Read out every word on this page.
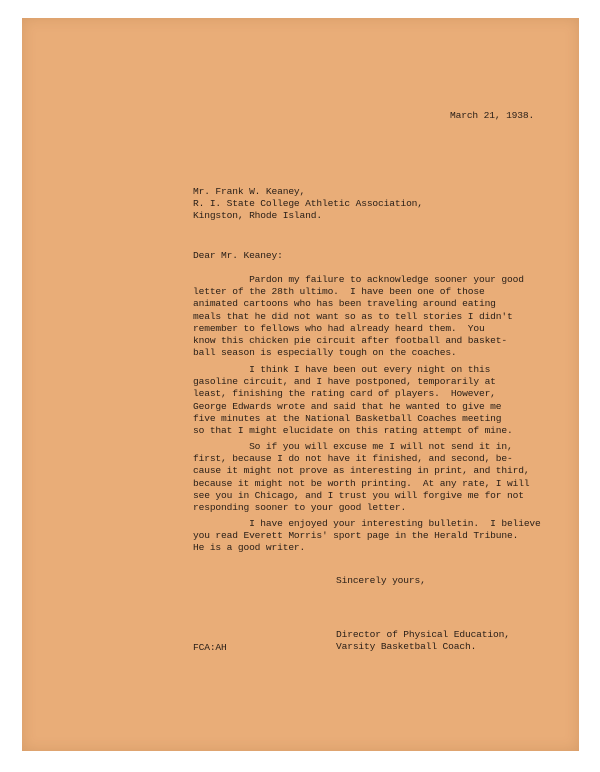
March 21, 1938.
Mr. Frank W. Keaney,
R. I. State College Athletic Association,
Kingston, Rhode Island.
Dear Mr. Keaney:
Pardon my failure to acknowledge sooner your good
letter of the 28th ultimo.  I have been one of those
animated cartoons who has been traveling around eating
meals that he did not want so as to tell stories I didn't
remember to fellows who had already heard them.  You
know this chicken pie circuit after football and basket-
ball season is especially tough on the coaches.
I think I have been out every night on this
gasoline circuit, and I have postponed, temporarily at
least, finishing the rating card of players.  However,
George Edwards wrote and said that he wanted to give me
five minutes at the National Basketball Coaches meeting
so that I might elucidate on this rating attempt of mine.
So if you will excuse me I will not send it in,
first, because I do not have it finished, and second, be-
cause it might not prove as interesting in print, and third,
because it might not be worth printing.  At any rate, I will
see you in Chicago, and I trust you will forgive me for not
responding sooner to your good letter.
I have enjoyed your interesting bulletin.  I believe
you read Everett Morris' sport page in the Herald Tribune.
He is a good writer.
Sincerely yours,
Director of Physical Education,
Varsity Basketball Coach.
FCA:AH
